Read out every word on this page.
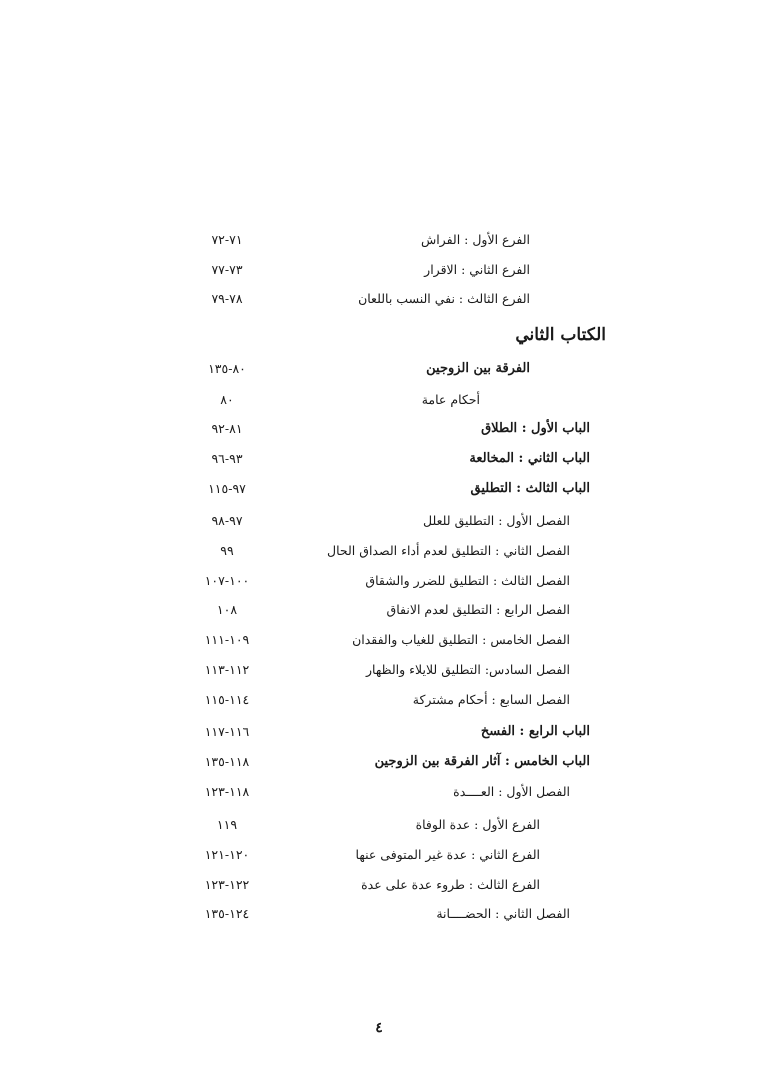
الفرع الأول : الفراش
٧١-٧٢
الفرع الثاني : الاقرار
٧٣-٧٧
الفرع الثالث : نفي النسب باللعان
٧٨-٧٩
الكتاب الثاني
الفرقة بين الزوجين
٨٠-١٣٥
أحكام عامة
٨٠
الباب الأول : الطلاق
٨١-٩٢
الباب الثاني : المخالعة
٩٣-٩٦
الباب الثالث : التطليق
٩٧-١١٥
الفصل الأول : التطليق للعلل
٩٧-٩٨
الفصل الثاني : التطليق لعدم أداء الصداق الحال
٩٩
الفصل الثالث : التطليق للضرر والشقاق
١٠٠-١٠٧
الفصل الرابع : التطليق لعدم الانفاق
١٠٨
الفصل الخامس : التطليق للغياب والفقدان
١٠٩-١١١
الفصل السادس: التطليق للايلاء والظهار
١١٢-١١٣
الفصل السابع : أحكام مشتركة
١١٤-١١٥
الباب الرابع : الفسخ
١١٦-١١٧
الباب الخامس : آثار الفرقة بين الزوجين
١١٨-١٣٥
الفصل الأول : العــــدة
١١٨-١٢٣
الفرع الأول : عدة الوفاة
١١٩
الفرع الثاني : عدة غير المتوفى عنها
١٢٠-١٢١
الفرع الثالث : طروء عدة على عدة
١٢٢-١٢٣
الفصل الثاني : الحضــــانة
١٢٤-١٣٥
٤
